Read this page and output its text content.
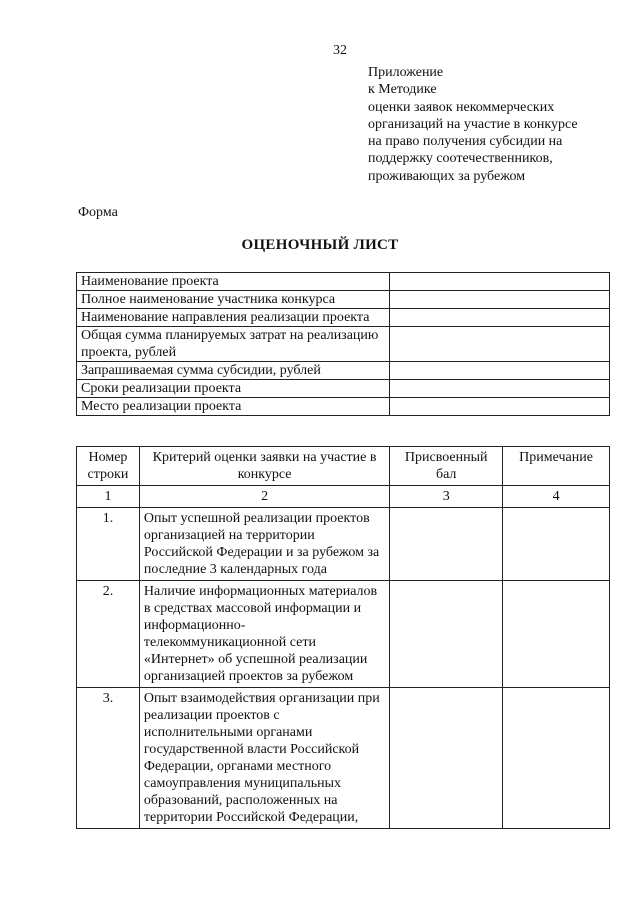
32
Приложение
к Методике
оценки заявок некоммерческих
организаций на участие в конкурсе
на право получения субсидии на
поддержку соотечественников,
проживающих за рубежом
Форма
ОЦЕНОЧНЫЙ ЛИСТ
Наименование проекта	
Полное наименование участника конкурса	
Наименование направления реализации проекта	
Общая сумма планируемых затрат на реализацию проекта, рублей	
Запрашиваемая сумма субсидии, рублей	
Сроки реализации проекта	
Место реализации проекта	
Номер строки	Критерий оценки заявки на участие в конкурсе	Присвоенный бал	Примечание
1	2	3	4
1.	Опыт успешной реализации проектов организацией на территории Российской Федерации и за рубежом за последние 3 календарных года		
2.	Наличие информационных материалов в средствах массовой информации и информационно-телекоммуникационной сети «Интернет» об успешной реализации организацией проектов за рубежом		
3.	Опыт взаимодействия организации при реализации проектов с исполнительными органами государственной власти Российской Федерации, органами местного самоуправления муниципальных образований, расположенных на территории Российской Федерации,		
